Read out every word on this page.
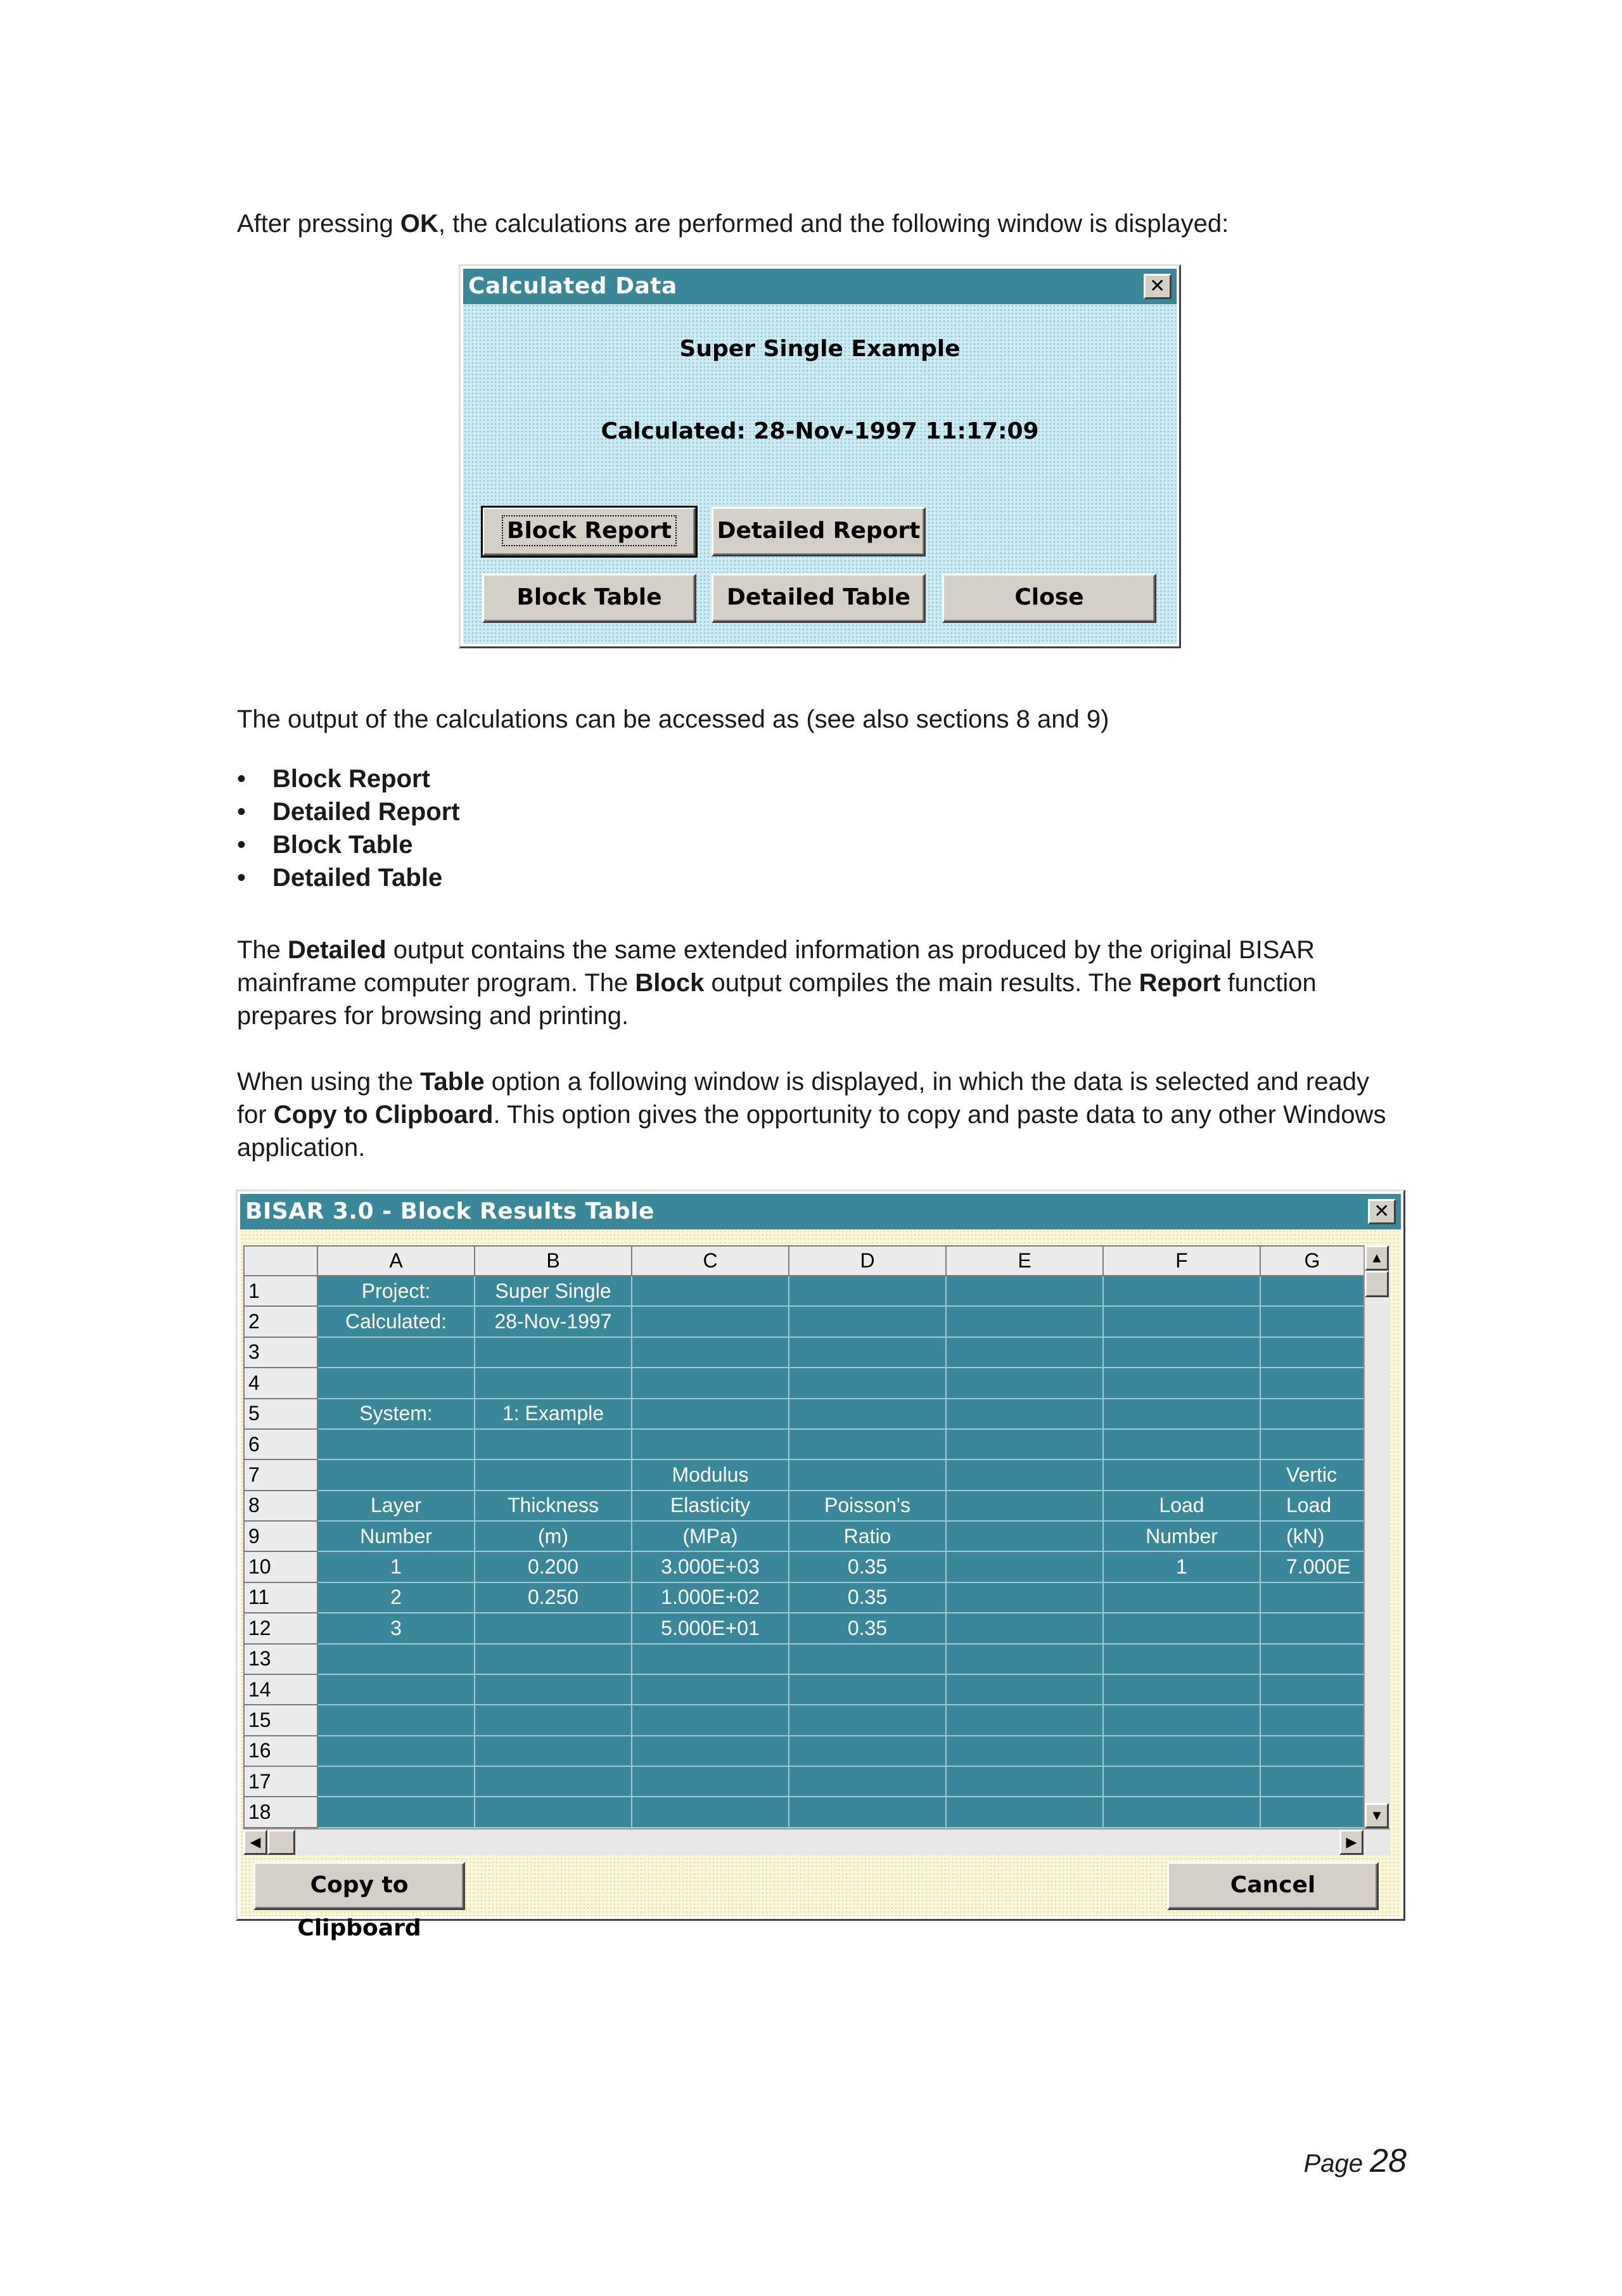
After pressing OK, the calculations are performed and the following window is displayed:

Calculated Data	✕
Super Single Example
Calculated: 28-Nov-1997 11:17:09
Block Report	Detailed Report
Block Table	Detailed Table	Close

The output of the calculations can be accessed as (see also sections 8 and 9)

• Block Report
• Detailed Report
• Block Table
• Detailed Table

The Detailed output contains the same extended information as produced by the original BISAR mainframe computer program. The Block output compiles the main results. The Report function prepares for browsing and printing.

When using the Table option a following window is displayed, in which the data is selected and ready for Copy to Clipboard. This option gives the opportunity to copy and paste data to any other Windows application.

BISAR 3.0 - Block Results Table	✕
	A	B	C	D	E	F	G
1	Project:	Super Single					
2	Calculated:	28-Nov-1997					
3							
4							
5	System:	1: Example					
6							
7			Modulus				Vertic
8	Layer	Thickness	Elasticity	Poisson's		Load	Load
9	Number	(m)	(MPa)	Ratio		Number	(kN)
10	1	0.200	3.000E+03	0.35		1	7.000E
11	2	0.250	1.000E+02	0.35			
12	3		5.000E+01	0.35			
13							
14							
15							
16							
17							
18							
▲
▼
◀	▶
Copy to Clipboard
Cancel
Page 28
